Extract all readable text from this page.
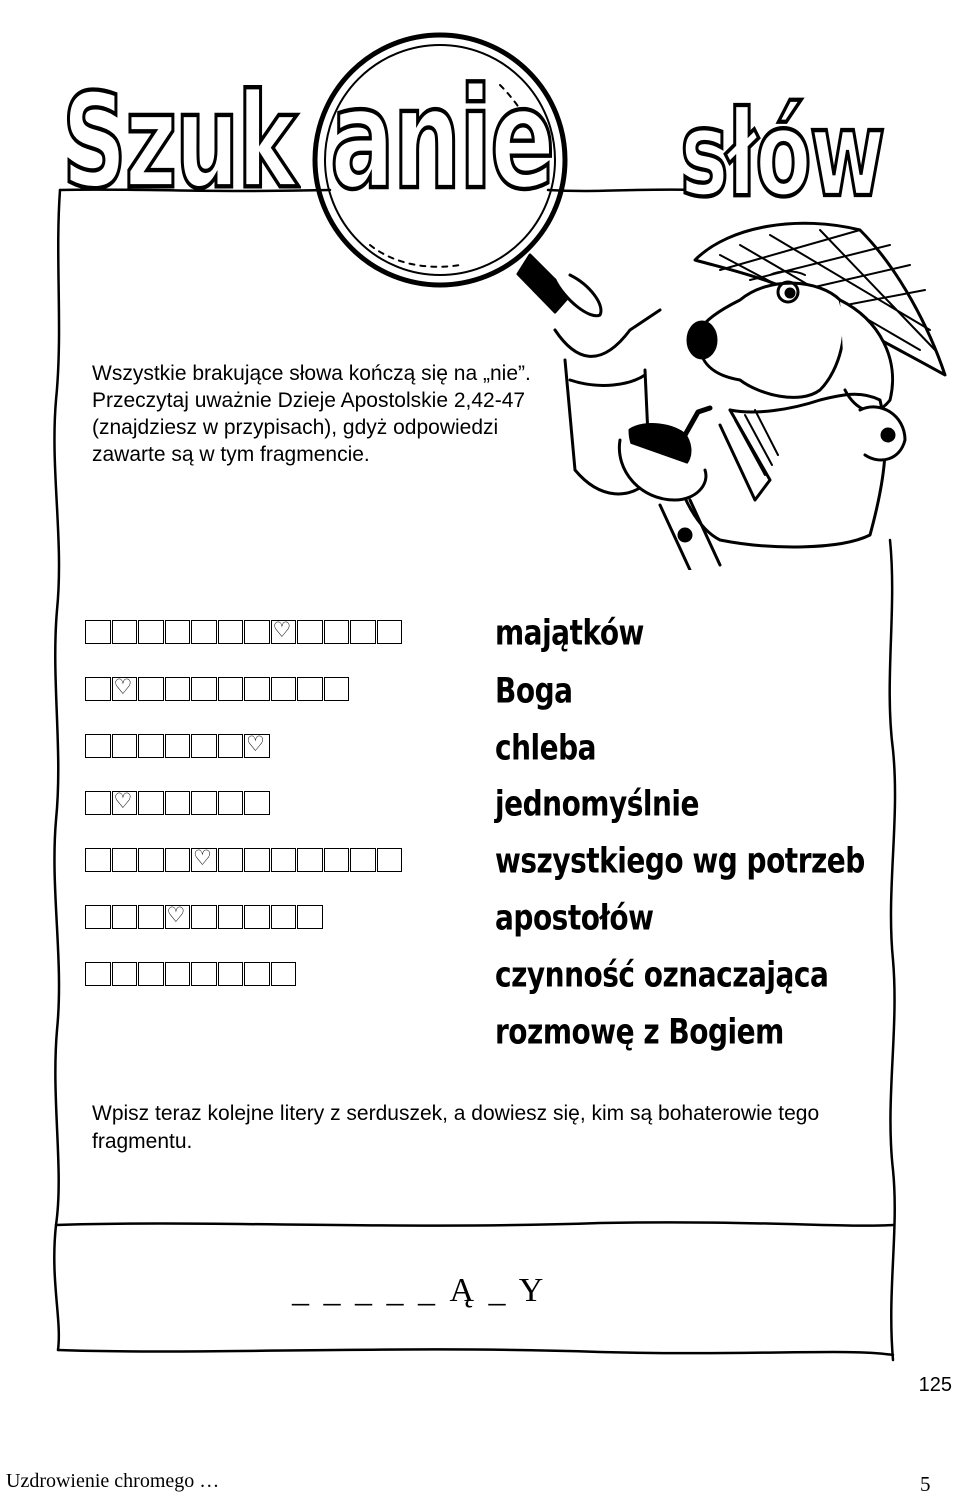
Szuk anie słów
Wszystkie brakujące słowa kończą się na „nie”. Przeczytaj uważnie Dzieje Apostolskie 2,42-47 (znajdziesz w przypisach), gdyż odpowiedzi zawarte są w tym fragmencie.
♡
♡
♡
♡
♡
♡
majątków
Boga
chleba
jednomyślnie
wszystkiego wg potrzeb
apostołów
czynność oznaczająca
rozmowę z Bogiem
Wpisz teraz kolejne litery z serduszek, a dowiesz się, kim są bohaterowie tego fragmentu.
_ _ _ _ _ Ą _ Y
125
Uzdrowienie chromego …	5
